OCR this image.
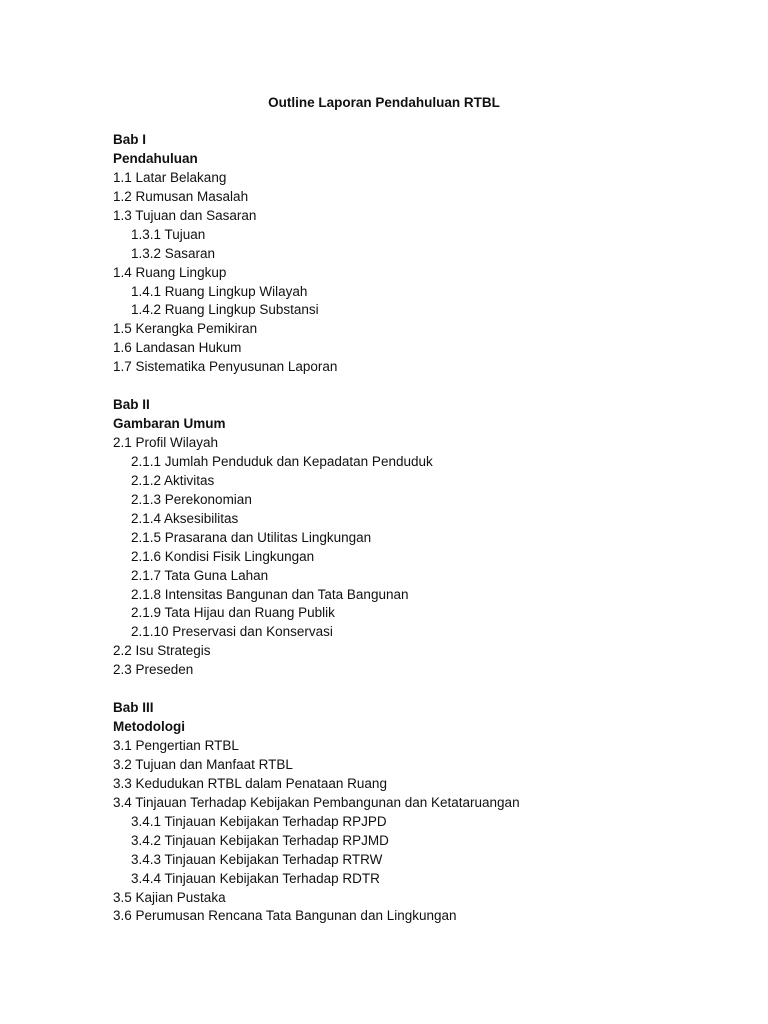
Outline Laporan Pendahuluan RTBL
Bab I
Pendahuluan
1.1 Latar Belakang
1.2 Rumusan Masalah
1.3 Tujuan dan Sasaran
1.3.1 Tujuan
1.3.2 Sasaran
1.4 Ruang Lingkup
1.4.1 Ruang Lingkup Wilayah
1.4.2 Ruang Lingkup Substansi
1.5 Kerangka Pemikiran
1.6 Landasan Hukum
1.7 Sistematika Penyusunan Laporan
Bab II
Gambaran Umum
2.1 Profil Wilayah
2.1.1 Jumlah Penduduk dan Kepadatan Penduduk
2.1.2 Aktivitas
2.1.3 Perekonomian
2.1.4 Aksesibilitas
2.1.5 Prasarana dan Utilitas Lingkungan
2.1.6 Kondisi Fisik Lingkungan
2.1.7 Tata Guna Lahan
2.1.8 Intensitas Bangunan dan Tata Bangunan
2.1.9 Tata Hijau dan Ruang Publik
2.1.10 Preservasi dan Konservasi
2.2 Isu Strategis
2.3 Preseden
Bab III
Metodologi
3.1 Pengertian RTBL
3.2 Tujuan dan Manfaat RTBL
3.3 Kedudukan RTBL dalam Penataan Ruang
3.4 Tinjauan Terhadap Kebijakan Pembangunan dan Ketataruangan
3.4.1 Tinjauan Kebijakan Terhadap RPJPD
3.4.2 Tinjauan Kebijakan Terhadap RPJMD
3.4.3 Tinjauan Kebijakan Terhadap RTRW
3.4.4 Tinjauan Kebijakan Terhadap RDTR
3.5 Kajian Pustaka
3.6 Perumusan Rencana Tata Bangunan dan Lingkungan
